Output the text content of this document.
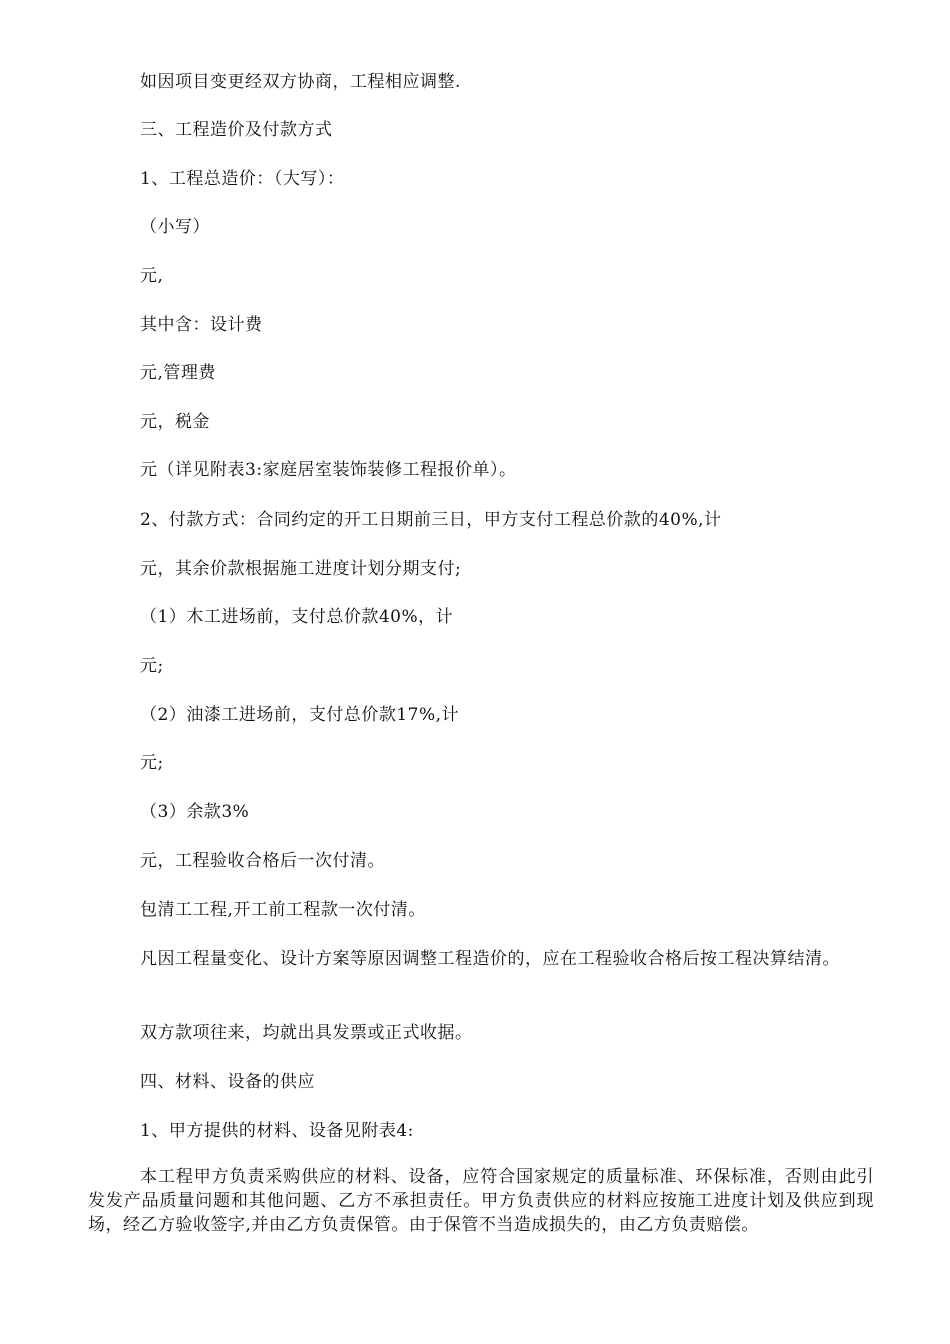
如因项目变更经双方协商，工程相应调整.
三、工程造价及付款方式
1、工程总造价：（大写）：
（小写）
元,
其中含：设计费
元,管理费
元，税金
元（详见附表3:家庭居室装饰装修工程报价单）。
2、付款方式：合同约定的开工日期前三日，甲方支付工程总价款的40%,计
元，其余价款根据施工进度计划分期支付;
（1）木工进场前，支付总价款40%，计
元;
（2）油漆工进场前，支付总价款17%,计
元;
（3）余款3%
元，工程验收合格后一次付清。
包清工工程,开工前工程款一次付清。
凡因工程量变化、设计方案等原因调整工程造价的，应在工程验收合格后按工程决算结清。
双方款项往来，均就出具发票或正式收据。
四、材料、设备的供应
1、甲方提供的材料、设备见附表4:
本工程甲方负责采购供应的材料、设备，应符合国家规定的质量标准、环保标准，否则由此引发发产品质量问题和其他问题、乙方不承担责任。甲方负责供应的材料应按施工进度计划及供应到现场，经乙方验收签字,并由乙方负责保管。由于保管不当造成损失的，由乙方负责赔偿。
